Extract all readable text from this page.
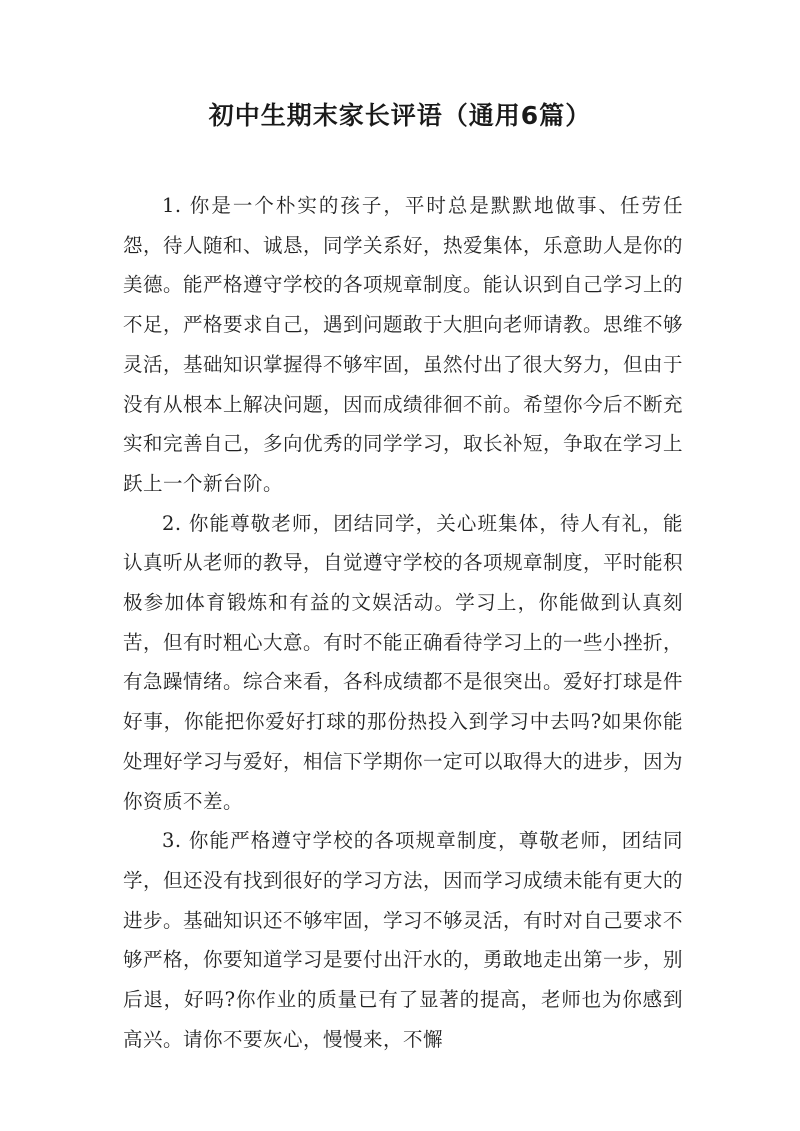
初中生期末家长评语（通用6篇）

1. 你是一个朴实的孩子，平时总是默默地做事、任劳任怨，待人随和、诚恳，同学关系好，热爱集体，乐意助人是你的美德。能严格遵守学校的各项规章制度。能认识到自己学习上的不足，严格要求自己，遇到问题敢于大胆向老师请教。思维不够灵活，基础知识掌握得不够牢固，虽然付出了很大努力，但由于没有从根本上解决问题，因而成绩徘徊不前。希望你今后不断充实和完善自己，多向优秀的同学学习，取长补短，争取在学习上跃上一个新台阶。

2. 你能尊敬老师，团结同学，关心班集体，待人有礼，能认真听从老师的教导，自觉遵守学校的各项规章制度，平时能积极参加体育锻炼和有益的文娱活动。学习上，你能做到认真刻苦，但有时粗心大意。有时不能正确看待学习上的一些小挫折，有急躁情绪。综合来看，各科成绩都不是很突出。爱好打球是件好事，你能把你爱好打球的那份热投入到学习中去吗?如果你能处理好学习与爱好，相信下学期你一定可以取得大的进步，因为你资质不差。

3. 你能严格遵守学校的各项规章制度，尊敬老师，团结同学，但还没有找到很好的学习方法，因而学习成绩未能有更大的进步。基础知识还不够牢固，学习不够灵活，有时对自己要求不够严格，你要知道学习是要付出汗水的，勇敢地走出第一步，别后退，好吗?你作业的质量已有了显著的提高，老师也为你感到高兴。请你不要灰心，慢慢来，不懈
